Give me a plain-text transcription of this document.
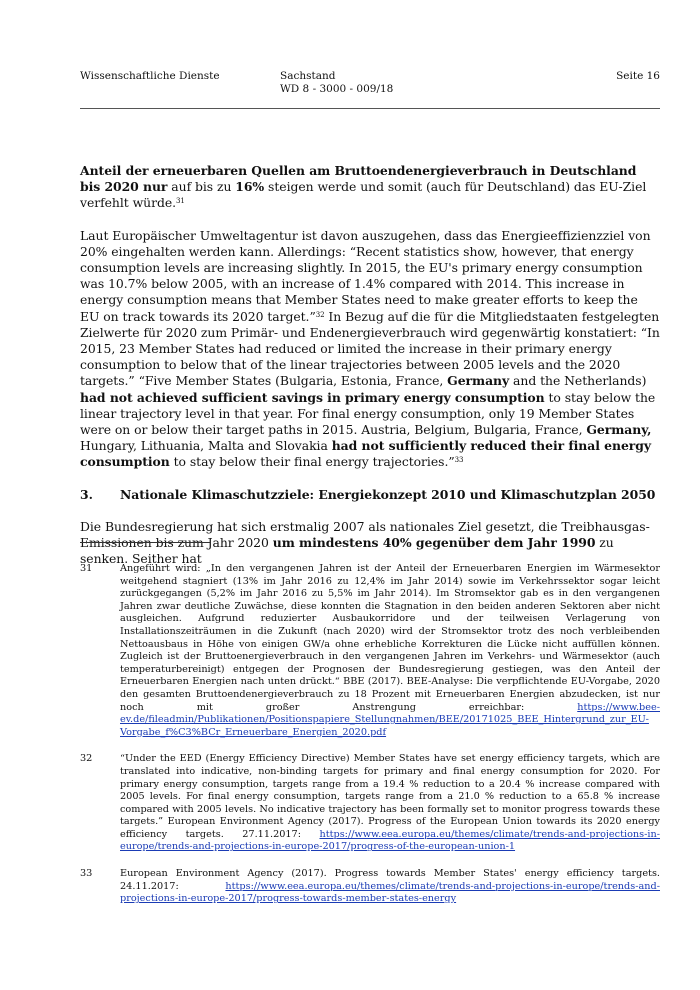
Wissenschaftliche Dienste	Sachstand
WD 8 - 3000 - 009/18
Seite 16

Anteil der erneuerbaren Quellen am Bruttoendenergieverbrauch in Deutschland bis 2020 nur auf bis zu 16% steigen werde und somit (auch für Deutschland) das EU-Ziel verfehlt würde.$^{31}$

Laut Europäischer Umweltagentur ist davon auszugehen, dass das Energieeffizienzziel von 20% eingehalten werden kann. Allerdings: “Recent statistics show, however, that energy consumption levels are increasing slightly. In 2015, the EU's primary energy consumption was 10.7% below 2005, with an increase of 1.4% compared with 2014. This increase in energy consumption means that Member States need to make greater efforts to keep the EU on track towards its 2020 target.”$^{32}$ In Bezug auf die für die Mitgliedstaaten festgelegten Zielwerte für 2020 zum Primär- und Endenergieverbrauch wird gegenwärtig konstatiert: “In 2015, 23 Member States had reduced or limited the increase in their primary energy consumption to below that of the linear trajectories between 2005 levels and the 2020 targets.” “Five Member States (Bulgaria, Estonia, France, Germany and the Netherlands) had not achieved sufficient savings in primary energy consumption to stay below the linear trajectory level in that year. For final energy consumption, only 19 Member States were on or below their target paths in 2015. Austria, Belgium, Bulgaria, France, Germany, Hungary, Lithuania, Malta and Slovakia had not sufficiently reduced their final energy consumption to stay below their final energy trajectories.”$^{33}$

3.	Nationale Klimaschutzziele: Energiekonzept 2010 und Klimaschutzplan 2050

Die Bundesregierung hat sich erstmalig 2007 als nationales Ziel gesetzt, die Treibhausgas-Emissionen bis zum Jahr 2020 um mindestens 40% gegenüber dem Jahr 1990 zu senken. Seither hat

31	Angeführt wird: „In den vergangenen Jahren ist der Anteil der Erneuerbaren Energien im Wärmesektor weitgehend stagniert (13% im Jahr 2016 zu 12,4% im Jahr 2014) sowie im Verkehrssektor sogar leicht zurückgegangen (5,2% im Jahr 2016 zu 5,5% im Jahr 2014). Im Stromsektor gab es in den vergangenen Jahren zwar deutliche Zuwächse, diese konnten die Stagnation in den beiden anderen Sektoren aber nicht ausgleichen. Aufgrund reduzierter Ausbaukorridore und der teilweisen Verlagerung von Installationszeiträumen in die Zukunft (nach 2020) wird der Stromsektor trotz des noch verbleibenden Nettoausbaus in Höhe von einigen GW/a ohne erhebliche Korrekturen die Lücke nicht auffüllen können. Zugleich ist der Bruttoenergieverbrauch in den vergangenen Jahren im Verkehrs- und Wärmesektor (auch temperaturbereinigt) entgegen der Prognosen der Bundesregierung gestiegen, was den Anteil der Erneuerbaren Energien nach unten drückt.“ BBE (2017). BEE-Analyse: Die verpflichtende EU-Vorgabe, 2020 den gesamten Bruttoendenergieverbrauch zu 18 Prozent mit Erneuerbaren Energien abzudecken, ist nur noch mit großer Anstrengung erreichbar: https://www.bee-ev.de/fileadmin/Publikationen/Positionspapiere_Stellungnahmen/BEE/20171025_BEE_Hintergrund_zur_EU-Vorgabe_f%C3%BCr_Erneuerbare_Energien_2020.pdf
32	“Under the EED (Energy Efficiency Directive) Member States have set energy efficiency targets, which are translated into indicative, non-binding targets for primary and final energy consumption for 2020. For primary energy consumption, targets range from a 19.4 % reduction to a 20.4 % increase compared with 2005 levels. For final energy consumption, targets range from a 21.0 % reduction to a 65.8 % increase compared with 2005 levels. No indicative trajectory has been formally set to monitor progress towards these targets.” European Environment Agency (2017). Progress of the European Union towards its 2020 energy efficiency targets. 27.11.2017: https://www.eea.europa.eu/themes/climate/trends-and-projections-in-europe/trends-and-projections-in-europe-2017/progress-of-the-european-union-1
33	European Environment Agency (2017). Progress towards Member States' energy efficiency targets. 24.11.2017: https://www.eea.europa.eu/themes/climate/trends-and-projections-in-europe/trends-and-projections-in-europe-2017/progress-towards-member-states-energy
